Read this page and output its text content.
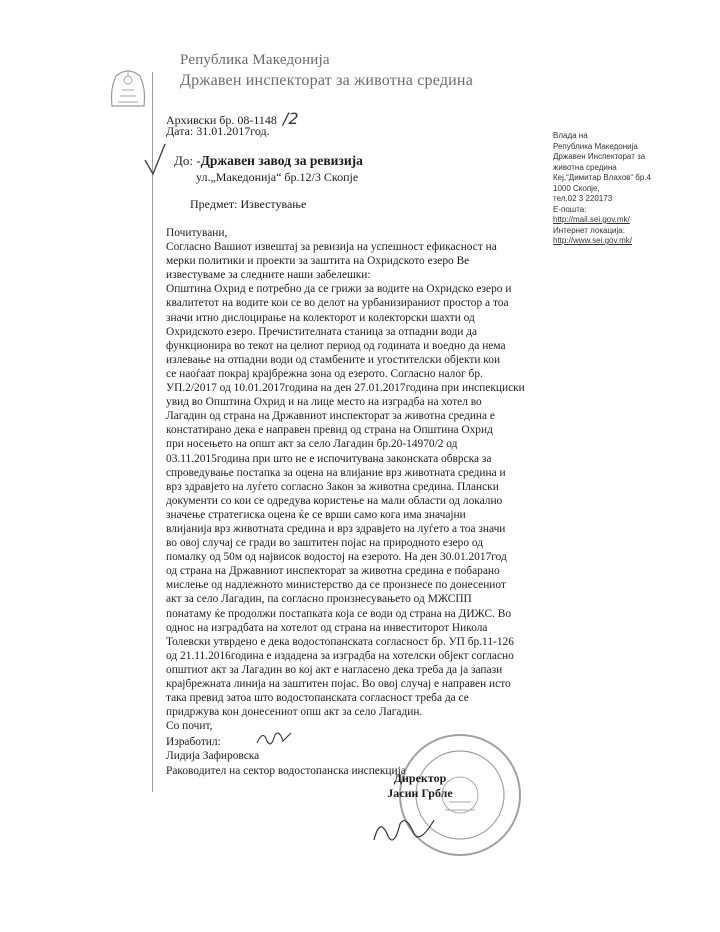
Република Македонија
Државен инспекторат за животна средина
Архивски бр. 08-1148 /2
Дата: 31.01.2017год.
До: -Државен завод за ревизија
ул.„Македонија“ бр.12/3 Скопје
Предмет: Известување
Влада на
Република Македонија
Државен Инспекторат за
животна средина
Кеј,“Димитар Влахов“ бр.4
1000 Скопје,
тел.02 3 220173
Е-пошта:
http://mail.sei.gov.mk/
Интернет локација:
http://www.sei.gov.mk/
Почитувани,
Согласно Вашиот извештај за ревизија на успешност ефикасност на
мерки политики и проекти за заштита на Охридското езеро Ве
известуваме за следните наши забелешки:
Општина Охрид е потребно да се грижи за водите на Охридско езеро и
квалитетот на водите кои се во делот на урбанизираниот простор а тоа
значи итно дислоцирање на колекторот и колекторски шахти од
Охридското езеро. Пречистителната станица за отпадни води да
функционира во текот на целиот период од годината и воедно да нема
излевање на отпадни води од стамбените и угостителски објекти кои
се наоѓаат покрај крајбрежна зона од езерото. Согласно налог бр.
УП.2/2017 од 10.01.2017година на ден 27.01.2017година при инспекциски
увид во Општина Охрид и на лице место на изградба на хотел во
Лагадин од страна на Државниот инспекторат за животна средина е
констатирано дека е направен превид од страна на Општина Охрид
при носењето на општ акт за село Лагадин бр.20-14970/2 од
03.11.2015година при што не е испочитувана законската обврска за
спроведување постапка за оцена на влијание врз животната средина и
врз здравјето на луѓето согласно Закон за животна средина. Плански
документи со кои се одредува користење на мали области од локално
значење стратегиска оцена ќе се врши само кога има значајни
влијанија врз животната средина и врз здравјето на луѓето а тоа значи
во овој случај се гради во заштитен појас на природното езеро од
помалку од 50м од највисок водостој на езерото. На ден 30.01.2017год
од страна на Државниот инспекторат за животна средина е побарано
мислење од надлежното министерство да се произнесе по донесениот
акт за село Лагадин, па согласно произнесувањето од МЖСПП
понатаму ќе продолжи постапката која се води од страна на ДИЖС. Во
однос на изградбата на хотелот од страна на инвеститорот Никола
Толевски утврдено е дека водостопанската согласност бр. УП бр.11-126
од 21.11.2016година е издадена за изградба на хотелски објект согласно
општиот акт за Лагадин во кој акт е нагласено дека треба да ја запази
крајбрежната линија на заштитен појас. Во овој случај е направен исто
така превид затоа што водостопанската согласност треба да се
придржува кон донесениот опш акт за село Лагадин.
Со почит,
Изработил:
Лидија Зафировска
Раководител на сектор водостопанска инспекција
Директор
Јасин Грбле
